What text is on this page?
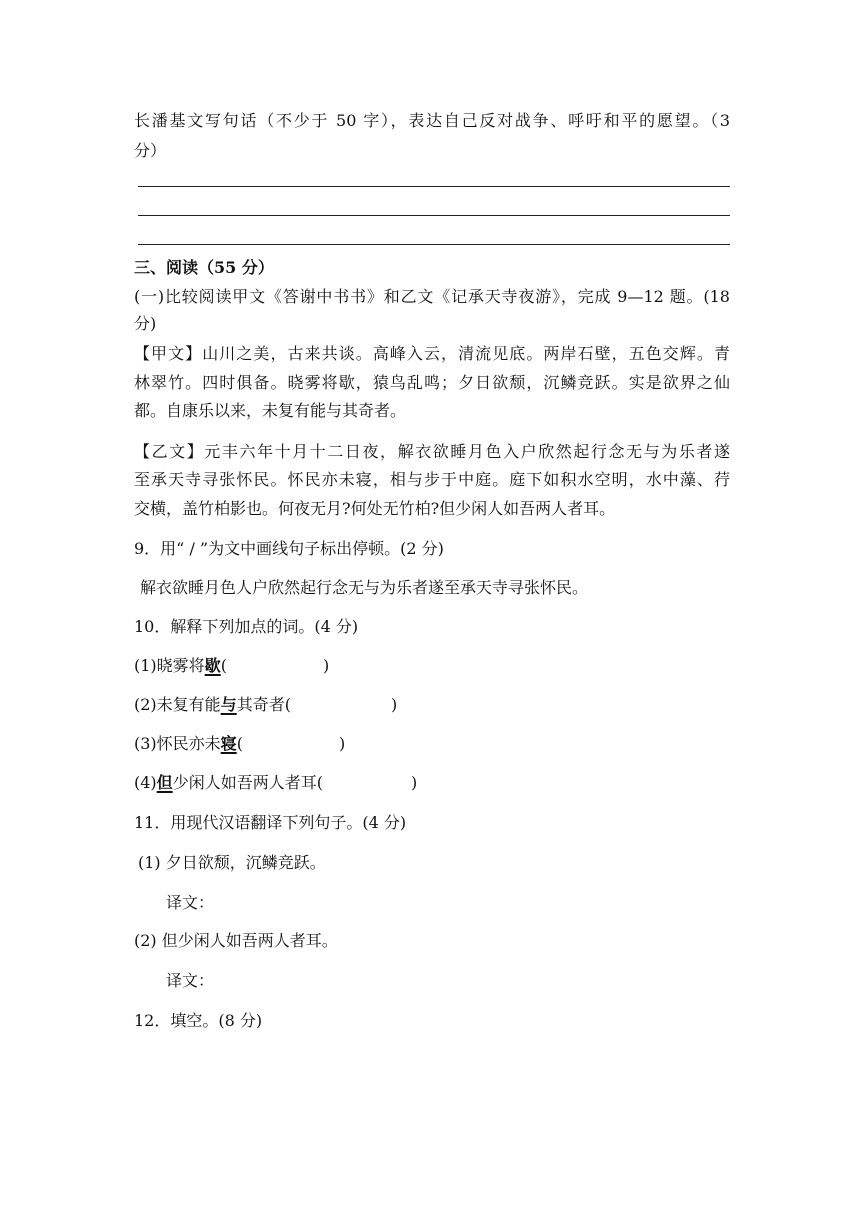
长潘基文写句话（不少于 50 字），表达自己反对战争、呼吁和平的愿望。（3
分）
三、阅读（55 分）
(一)比较阅读甲文《答谢中书书》和乙文《记承天寺夜游》，完成 9—12 题。(18
分)
【甲文】山川之美，古来共谈。高峰入云，清流见底。两岸石壁，五色交辉。青
林翠竹。四时俱备。晓雾将歇，猿鸟乱鸣；夕日欲颓，沉鳞竞跃。实是欲界之仙
都。自康乐以来，未复有能与其奇者。
【乙文】元丰六年十月十二日夜，解衣欲睡月色入户欣然起行念无与为乐者遂
至承天寺寻张怀民。怀民亦未寝，相与步于中庭。庭下如积水空明，水中藻、荇
交横，盖竹柏影也。何夜无月?何处无竹柏?但少闲人如吾两人者耳。
9．用“ / ”为文中画线句子标出停顿。(2 分)
解衣欲睡月色人户欣然起行念无与为乐者遂至承天寺寻张怀民。
10．解释下列加点的词。(4 分)
(1)晓雾将歇(	)
(2)未复有能与其奇者(	)
(3)怀民亦未寝(	)
(4)但少闲人如吾两人者耳(	)
11．用现代汉语翻译下列句子。(4 分)
(1) 夕日欲颓，沉鳞竞跃。
译文：
(2) 但少闲人如吾两人者耳。
译文：
12．填空。(8 分)
